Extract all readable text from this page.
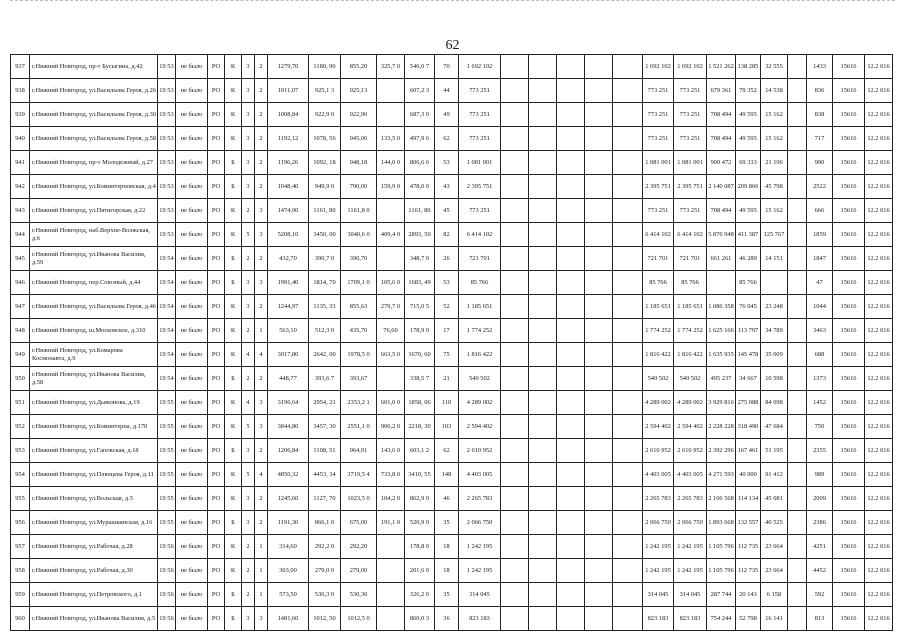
62
937	г.Нижний Новгород, пр-т Бусыгина, д.42	19 53	не было	РО	К	3	2	1279,70	1180, 90	855,20	325,7 0	546,0 7	70	1 692 102						1 692 102	1 692 102	1 521 262	138 285	32 555		1433	15616	12.2 016
938	г.Нижний Новгород, ул.Васильева Героя, д.26	19 53	не было	РО	К	3	2	1011,07	925,1 3	925,13		607,2 3	44	773 251						773 251	773 251	679 361	79 352	14 538		836	15616	12.2 016
939	г.Нижний Новгород, ул.Васильева Героя, д.30	19 53	не было	РО	К	3	2	1008,84	922,9 0	922,90		687,3 0	49	773 251						773 251	773 251	708 494	49 595	15 162		838	15616	12.2 016
940	г.Нижний Новгород, ул.Васильева Героя, д.58	19 53	не было	РО	К	3	2	1192,12	1078, 56	945,06	133,5 0	497,9 6	62	773 251						773 251	773 251	708 494	49 595	15 162		717	15616	12.2 016
941	г.Нижний Новгород, пр-т Молодежный, д.27	19 53	не было	РО	Б	3	2	1196,26	1092, 18	948,18	144,0 0	806,6 6	53	1 081 001						1 081 001	1 081 001	990 472	69 333	21 196		990	15616	12.2 016
942	г.Нижний Новгород, ул.Коминтерновская, д.4	19 53	не было	РО	Б	3	2	1048,40	949,9 0	790,00	159,9 0	478,0 0	43	2 395 751						2 395 751	2 395 751	2 140 087	209 866	45 798		2522	15616	12.2 016
943	г.Нижний Новгород, ул.Пятигорская, д.22	19 53	не было	РО	К	2	3	1474,00	1161, 80	1161,8 0		1161, 80	45	773 251						773 251	773 251	708 494	49 595	15 162		666	15616	12.2 016
944	г.Нижний Новгород, наб.Верхне-Волжская, д.6	19 53	не было	РО	К	5	3	5208,10	3450, 00	3040,6 0	409,4 0	2893, 50	82	6 414 102						6 414 102	6 414 102	5 876 948	411 387	125 767		1859	15616	12.2 016
945	г.Нижний Новгород, ул.Иванова Василия, д.59	19 54	не было	РО	Б	2	2	432,70	390,7 0	390,70		348,7 0	26	721 701						721 701	721 701	661 261	46 289	14 151		1847	15616	12.2 016
946	г.Нижний Новгород, пер.Союзный, д.44	19 54	не было	РО	Б	3	3	1991,40	1814, 70	1709,1 0	105,6 0	1683, 49	53	85 766						85 766	85 766		85 766			47	15616	12.2 016
947	г.Нижний Новгород, ул.Васильева Героя, д.46	19 54	не было	РО	К	3	2	1244,97	1135, 33	855,63	279,7 0	715,0 5	52	1 185 651						1 185 651	1 185 651	1 086 358	76 045	23 248		1044	15616	12.2 016
948	г.Нижний Новгород, ш.Московское, д.310	19 54	не было	РО	К	2	1	563,10	512,3 0	435,70	76,60	178,9 0	17	1 774 252						1 774 252	1 774 252	1 625 166	113 797	34 789		3463	15616	12.2 016
949	г.Нижний Новгород, ул.Комарова Космонавта, д.9	19 54	не было	РО	К	4	4	3017,80	2642, 00	1978,5 0	663,5 0	1670, 60	75	1 816 422						1 816 422	1 816 422	1 635 935	145 478	35 009		688	15616	12.2 016
950	г.Нижний Новгород, ул.Иванова Василия, д.58	19 54	не было	РО	Б	2	2	448,77	393,6 7	393,67		338,5 7	21	540 502						540 502	540 502	495 237	34 667	10 598		1373	15616	12.2 016
951	г.Нижний Новгород, ул.Дьяконова, д.19	19 55	не было	РО	К	4	3	3196,64	2954, 21	2353,2 1	601,0 0	1858, 06	110	4 289 002						4 289 002	4 289 002	3 929 816	275 088	84 098		1452	15616	12.2 016
952	г.Нижний Новгород, ул.Коминтерна, д.170	19 55	не было	РО	К	5	3	3844,80	3457, 30	2551,1 0	906,2 0	2218, 30	103	2 594 402						2 594 402	2 594 402	2 228 228	318 490	47 684		750	15616	12.2 016
953	г.Нижний Новгород, ул.Гаповская, д.18	19 55	не было	РО	Б	3	2	1206,84	1108, 51	964,91	143,6 0	603,1 2	62	2 610 952						2 610 952	2 610 952	2 392 296	167 461	51 195		2355	15616	12.2 016
954	г.Нижний Новгород, ул.Плющева Героя, д.11	19 55	не было	РО	К	5	4	4850,32	4453, 34	3719,5 4	733,8 0	3410, 55	148	4 403 005						4 403 005	4 403 005	4 271 593	40 000	91 412		989	15616	12.2 016
955	г.Нижний Новгород, ул.Вольская, д.5	19 55	не было	РО	К	3	2	1245,60	1127, 70	1023,5 0	104,2 0	862,9 0	46	2 265 783						2 265 783	2 265 783	2 106 568	114 134	45 081		2009	15616	12.2 016
956	г.Нижний Новгород, ул.Мурашкинская, д.16	19 55	не было	РО	Б	3	2	1191,30	866,1 0	675,00	191,1 0	520,9 0	35	2 066 750						2 066 750	2 066 750	1 893 668	132 557	40 525		2386	15616	12.2 016
957	г.Нижний Новгород, ул.Рабочая, д.28	19 56	не было	РО	К	2	1	314,60	292,2 0	292,20		178,8 0	18	1 242 195						1 242 195	1 242 195	1 105 796	112 735	23 664		4251	15616	12.2 016
958	г.Нижний Новгород, ул.Рабочая, д.30	19 56	не было	РО	К	2	1	303,00	279,0 0	279,00		201,6 0	18	1 242 195						1 242 195	1 242 195	1 105 796	112 735	23 664		4452	15616	12.2 016
959	г.Нижний Новгород, ул.Петровского, д.1	19 56	не было	РО	Б	2	1	573,50	530,3 0	530,30		326,2 0	35	314 045						314 045	314 045	287 744	20 143	6 158		592	15616	12.2 016
960	г.Нижний Новгород, ул.Иванова Василия, д.5	19 56	не было	РО	Б	3	3	1481,60	1012, 50	1012,5 0		860,0 3	36	823 183						823 183	823 183	754 244	52 798	16 141		813	15616	12.2 016
